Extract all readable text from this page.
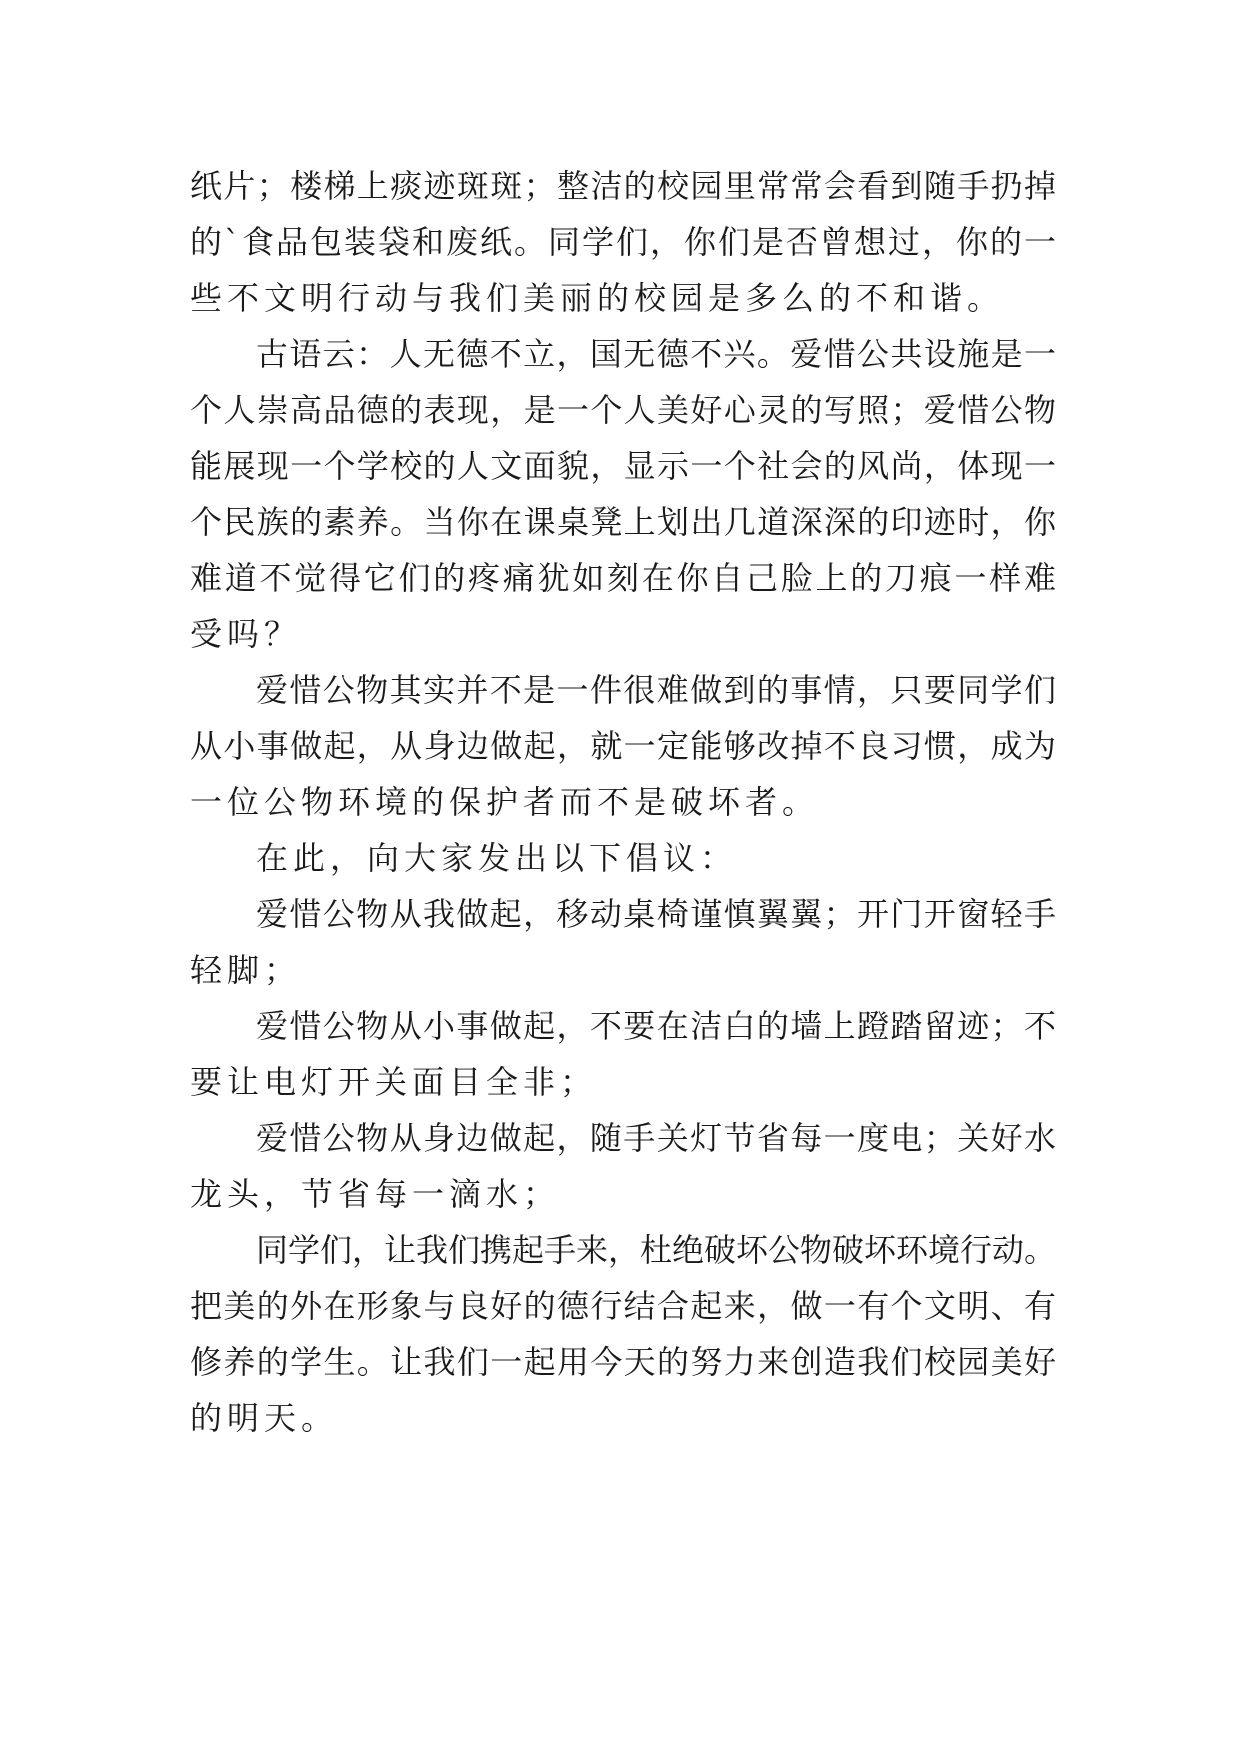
纸片；楼梯上痰迹斑斑；整洁的校园里常常会看到随手扔掉
的`食品包装袋和废纸。同学们，你们是否曾想过，你的一
些不文明行动与我们美丽的校园是多么的不和谐。
古语云：人无德不立，国无德不兴。爱惜公共设施是一
个人崇高品德的表现，是一个人美好心灵的写照；爱惜公物
能展现一个学校的人文面貌，显示一个社会的风尚，体现一
个民族的素养。当你在课桌凳上划出几道深深的印迹时，你
难道不觉得它们的疼痛犹如刻在你自己脸上的刀痕一样难
受吗？
爱惜公物其实并不是一件很难做到的事情，只要同学们
从小事做起，从身边做起，就一定能够改掉不良习惯，成为
一位公物环境的保护者而不是破坏者。
在此，向大家发出以下倡议：
爱惜公物从我做起，移动桌椅谨慎翼翼；开门开窗轻手
轻脚；
爱惜公物从小事做起，不要在洁白的墙上蹬踏留迹；不
要让电灯开关面目全非；
爱惜公物从身边做起，随手关灯节省每一度电；关好水
龙头，节省每一滴水；
同学们，让我们携起手来，杜绝破坏公物破坏环境行动。
把美的外在形象与良好的德行结合起来，做一有个文明、有
修养的学生。让我们一起用今天的努力来创造我们校园美好
的明天。
